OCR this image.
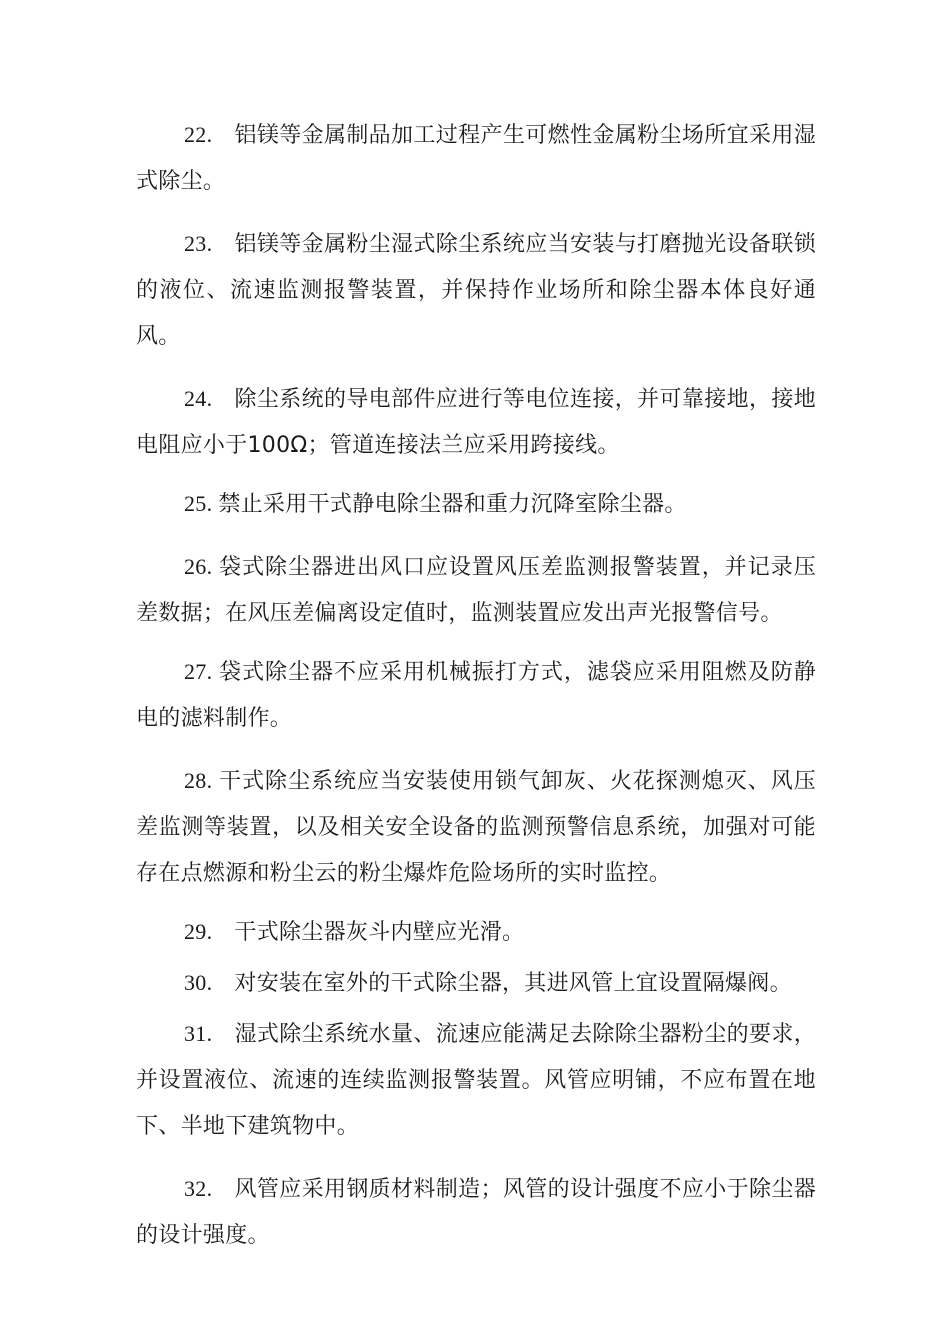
22. 铝镁等金属制品加工过程产生可燃性金属粉尘场所宜采用湿式除尘。

23. 铝镁等金属粉尘湿式除尘系统应当安装与打磨抛光设备联锁的液位、流速监测报警装置，并保持作业场所和除尘器本体良好通风。

24. 除尘系统的导电部件应进行等电位连接，并可靠接地，接地电阻应小于100Ω；管道连接法兰应采用跨接线。

25. 禁止采用干式静电除尘器和重力沉降室除尘器。

26. 袋式除尘器进出风口应设置风压差监测报警装置，并记录压差数据；在风压差偏离设定值时，监测装置应发出声光报警信号。

27. 袋式除尘器不应采用机械振打方式，滤袋应采用阻燃及防静电的滤料制作。

28. 干式除尘系统应当安装使用锁气卸灰、火花探测熄灭、风压差监测等装置，以及相关安全设备的监测预警信息系统，加强对可能存在点燃源和粉尘云的粉尘爆炸危险场所的实时监控。

29. 干式除尘器灰斗内壁应光滑。

30. 对安装在室外的干式除尘器，其进风管上宜设置隔爆阀。

31. 湿式除尘系统水量、流速应能满足去除除尘器粉尘的要求，并设置液位、流速的连续监测报警装置。风管应明铺，不应布置在地下、半地下建筑物中。

32. 风管应采用钢质材料制造；风管的设计强度不应小于除尘器的设计强度。
